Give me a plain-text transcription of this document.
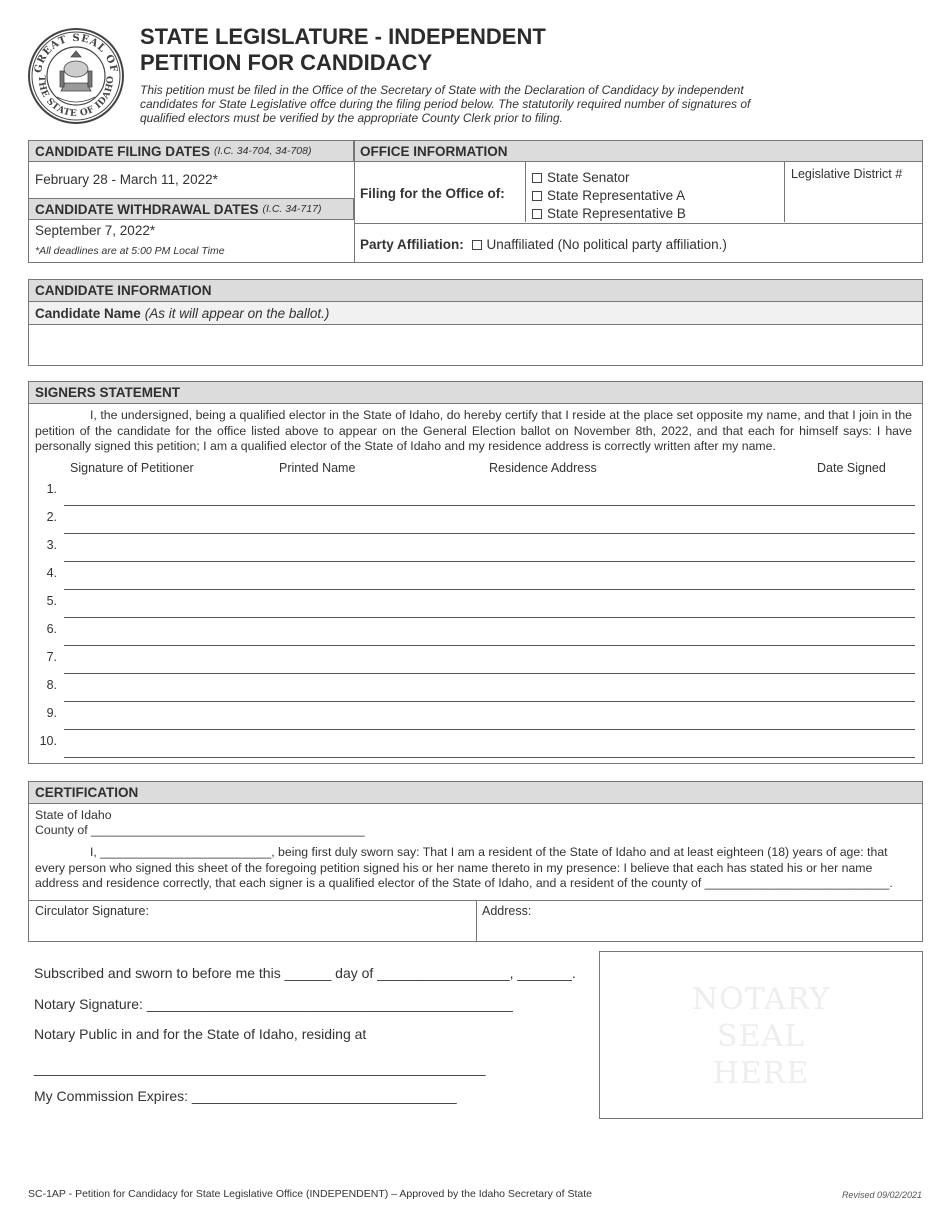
GREAT SEAL OF
THE STATE OF IDAHO
STATE LEGISLATURE - INDEPENDENT
PETITION FOR CANDIDACY
This petition must be filed in the Office of the Secretary of State with the Declaration of Candidacy by independent candidates for State Legislative offce during the filing period below. The statutorily required number of signatures of qualified electors must be verified by the appropriate County Clerk prior to filing.
CANDIDATE FILING DATES (I.C. 34-704, 34-708)	OFFICE INFORMATION
February 28 - March 11, 2022*
CANDIDATE WITHDRAWAL DATES (I.C. 34-717)
September 7, 2022*
*All deadlines are at 5:00 PM Local Time
Filing for the Office of:
State Senator
State Representative A
State Representative B
Legislative District #
Party Affiliation: Unaffiliated (No political party affiliation.)
CANDIDATE INFORMATION
Candidate Name (As it will appear on the ballot.)
SIGNERS STATEMENT
I, the undersigned, being a qualified elector in the State of Idaho, do hereby certify that I reside at the place set opposite my name, and that I join in the petition of the candidate for the office listed above to appear on the General Election ballot on November 8th, 2022, and that each for himself says: I have personally signed this petition; I am a qualified elector of the State of Idaho and my residence address is correctly written after my name.
Signature of Petitioner	Printed Name	Residence Address	Date Signed
1.
2.
3.
4.
5.
6.
7.
8.
9.
10.
CERTIFICATION
State of Idaho
County of ________________________________________
I, _________________________, being first duly sworn say: That I am a resident of the State of Idaho and at least eighteen (18) years of age: that every person who signed this sheet of the foregoing petition signed his or her name thereto in my presence: I believe that each has stated his or her name address and residence correctly, that each signer is a qualified elector of the State of Idaho, and a resident of the county of ___________________________.
Circulator Signature:	Address:
Subscribed and sworn to before me this ______ day of _________________, _______.
Notary Signature: _______________________________________________
Notary Public in and for the State of Idaho, residing at
__________________________________________________________
My Commission Expires: __________________________________
NOTARY
SEAL
HERE
SC-1AP - Petition for Candidacy for State Legislative Office (INDEPENDENT) – Approved by the Idaho Secretary of State	Revised 09/02/2021
